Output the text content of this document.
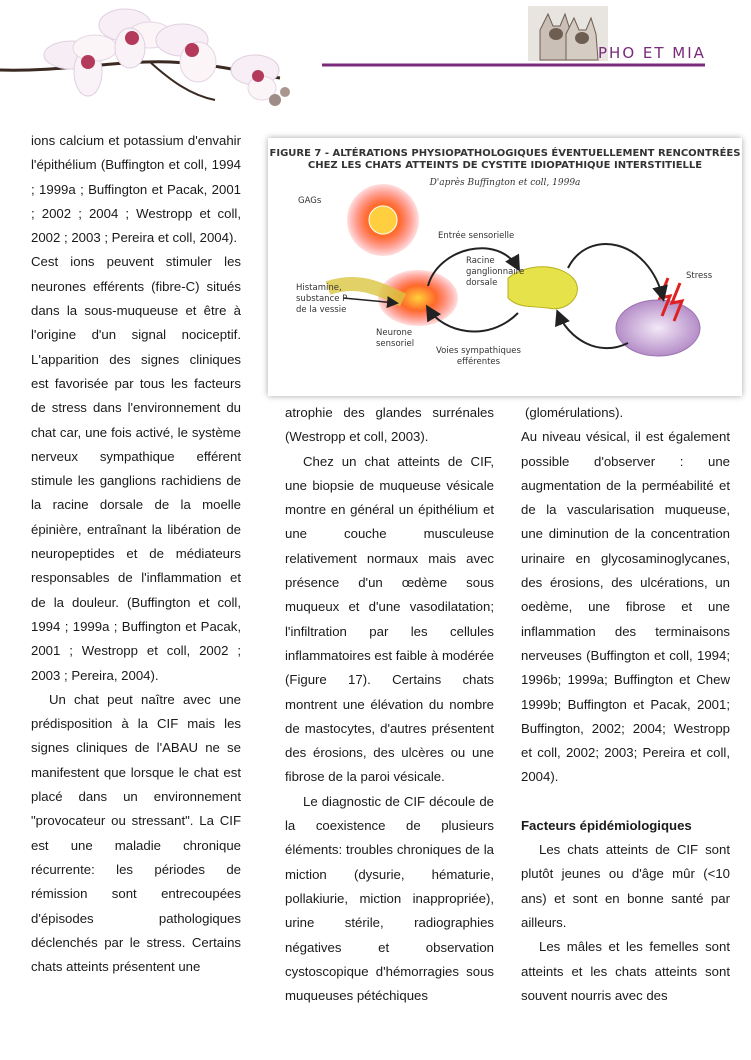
PHO ET MIA

ions calcium et potassium d'envahir l'épithélium (Buffington et coll, 1994 ; 1999a ; Buffington et Pacak, 2001 ; 2002 ; 2004 ; Westropp et coll, 2002 ; 2003 ; Pereira et coll, 2004).

Cest ions peuvent stimuler les neurones efférents (fibre-C) situés dans la sous-muqueuse et être à l'origine d'un signal nociceptif. L'apparition des signes cliniques est favorisée par tous les facteurs de stress dans l'environnement du chat car, une fois activé, le système nerveux sympathique efférent stimule les ganglions rachidiens de la racine dorsale de la moelle épinière, entraînant la libération de neuropeptides et de médiateurs responsables de l'inflammation et de la douleur. (Buffington et coll, 1994 ; 1999a ; Buffington et Pacak, 2001 ; Westropp et coll, 2002 ; 2003 ; Pereira, 2004).

Un chat peut naître avec une prédisposition à la CIF mais les signes cliniques de l'ABAU ne se manifestent que lorsque le chat est placé dans un environnement "provocateur ou stressant". La CIF est une maladie chronique récurrente: les périodes de rémission sont entrecoupées d'épisodes pathologiques déclenchés par le stress. Certains chats atteints présentent une

FIGURE 7 - ALTÉRATIONS PHYSIOPATHOLOGIQUES ÉVENTUELLEMENT RENCONTRÉES
CHEZ LES CHATS ATTEINTS DE CYSTITE IDIOPATHIQUE INTERSTITIELLE
D'après Buffington et coll, 1999a
GAGs
Entrée sensorielle
Racine
ganglionnaire
dorsale
Stress
Histamine,
substance P
de la vessie
Neurone
sensoriel
Voies sympathiques
efférentes

atrophie des glandes surrénales (Westropp et coll, 2003).

Chez un chat atteints de CIF, une biopsie de muqueuse vésicale montre en général un épithélium et une couche musculeuse relativement normaux mais avec présence d'un œdème sous muqueux et d'une vasodilatation; l'infiltration par les cellules inflammatoires est faible à modérée (Figure 17). Certains chats montrent une élévation du nombre de mastocytes, d'autres présentent des érosions, des ulcères ou une fibrose de la paroi vésicale.

Le diagnostic de CIF découle de la coexistence de plusieurs éléments: troubles chroniques de la miction (dysurie, hématurie, pollakiurie, miction inappropriée), urine stérile, radiographies négatives et observation cystoscopique d'hémorragies sous muqueuses pétéchiques

(glomérulations).

Au niveau vésical, il est également possible d'observer : une augmentation de la perméabilité et de la vascularisation muqueuse, une diminution de la concentration urinaire en glycosaminoglycanes, des érosions, des ulcérations, un oedème, une fibrose et une inflammation des terminaisons nerveuses (Buffington et coll, 1994; 1996b; 1999a; Buffington et Chew 1999b; Buffington et Pacak, 2001; Buffington, 2002; 2004; Westropp et coll, 2002; 2003; Pereira et coll, 2004).

Facteurs épidémiologiques

Les chats atteints de CIF sont plutôt jeunes ou d'âge mûr (<10 ans) et sont en bonne santé par ailleurs.

Les mâles et les femelles sont atteints et les chats atteints sont souvent nourris avec des
